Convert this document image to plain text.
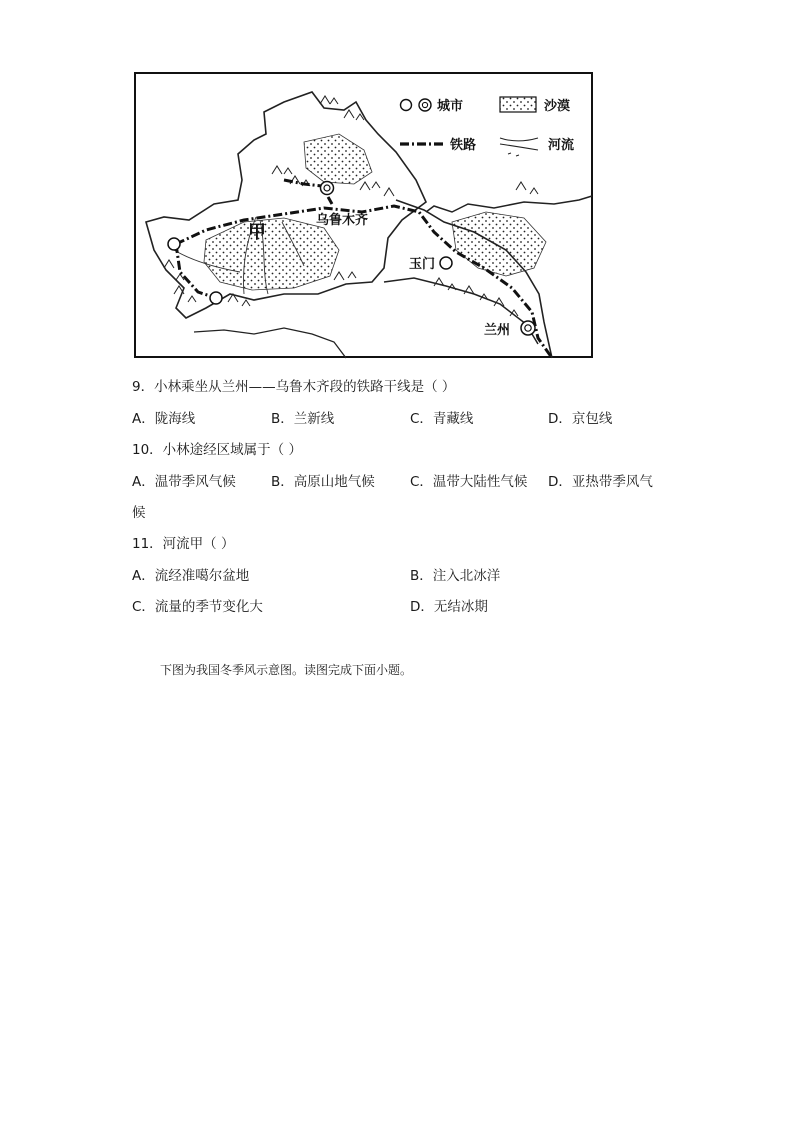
乌鲁木齐
玉门
兰州
甲
城市	沙漠
铁路	河流
9．小林乘坐从兰州——乌鲁木齐段的铁路干线是（ ）
A．陇海线	B．兰新线	C．青藏线	D．京包线
10．小林途经区域属于（ ）
A．温带季风气候	B．高原山地气候	C．温带大陆性气候 D．亚热带季风气
候
11．河流甲（ ）
A．流经准噶尔盆地	B．注入北冰洋
C．流量的季节变化大	D．无结冰期
下图为我国冬季风示意图。读图完成下面小题。
